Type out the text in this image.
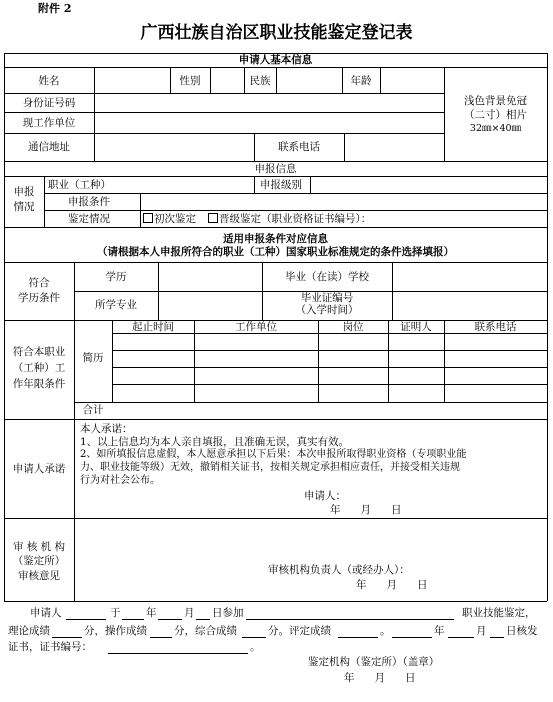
附件 2
广西壮族自治区职业技能鉴定登记表
申请人基本信息
姓名	性别	民族	年龄
浅色背景免冠
（二寸）相片
32㎜×40㎜
身份证号码
现工作单位
通信地址	联系电话
申报信息
申报
情况
职业（工种）	申报级别
申报条件
鉴定情况	初次鉴定	晋级鉴定（职业资格证书编号）：
适用申报条件对应信息
（请根据本人申报所符合的职业（工种）国家职业标准规定的条件选择填报）
符合
学历条件
学历	毕业（在读）学校
所学专业
毕业证编号
（入学时间）
符合本职业
（工种）工
作年限条件
简历
起止时间	工作单位	岗位	证明人	联系电话
合计
申请人承诺
本人承诺：
1、以上信息均为本人亲自填报，且准确无误，真实有效。
2、如所填报信息虚假，本人愿意承担以下后果：本次申报所取得职业资格（专项职业能
力、职业技能等级）无效，撤销相关证书，按相关规定承担相应责任，并接受相关违规
行为对社会公布。
申请人：
年      月      日
审 核 机 构
（鉴定所）
审核意见	审核机构负责人（或经办人）：
年      月      日
申请人	于 年	月 日参加	职业技能鉴定，
理论成绩	分，操作成绩	分，综合成绩	分。评定成绩	。	年	月 日核发
证书，证书编号：	。
鉴定机构（鉴定所）（盖章）
年      月      日
